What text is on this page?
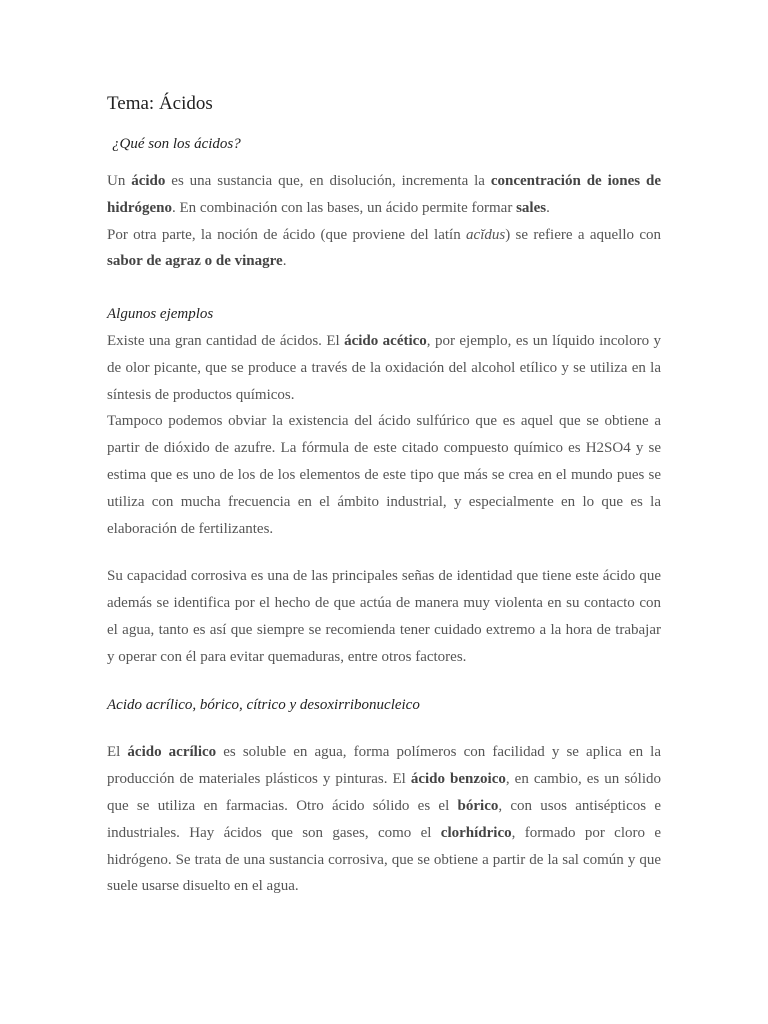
Tema: Ácidos
¿Qué son los ácidos?

Un ácido es una sustancia que, en disolución, incrementa la concentración de iones de hidrógeno. En combinación con las bases, un ácido permite formar sales.

Por otra parte, la noción de ácido (que proviene del latín acĭdus) se refiere a aquello con sabor de agraz o de vinagre.

Algunos ejemplos

Existe una gran cantidad de ácidos. El ácido acético, por ejemplo, es un líquido incoloro y de olor picante, que se produce a través de la oxidación del alcohol etílico y se utiliza en la síntesis de productos químicos.

Tampoco podemos obviar la existencia del ácido sulfúrico que es aquel que se obtiene a partir de dióxido de azufre. La fórmula de este citado compuesto químico es H2SO4 y se estima que es uno de los de los elementos de este tipo que más se crea en el mundo pues se utiliza con mucha frecuencia en el ámbito industrial, y especialmente en lo que es la elaboración de fertilizantes.

Su capacidad corrosiva es una de las principales señas de identidad que tiene este ácido que además se identifica por el hecho de que actúa de manera muy violenta en su contacto con el agua, tanto es así que siempre se recomienda tener cuidado extremo a la hora de trabajar y operar con él para evitar quemaduras, entre otros factores.

Acido acrílico, bórico, cítrico y desoxirribonucleico

El ácido acrílico es soluble en agua, forma polímeros con facilidad y se aplica en la producción de materiales plásticos y pinturas. El ácido benzoico, en cambio, es un sólido que se utiliza en farmacias. Otro ácido sólido es el bórico, con usos antisépticos e industriales. Hay ácidos que son gases, como el clorhídrico, formado por cloro e hidrógeno. Se trata de una sustancia corrosiva, que se obtiene a partir de la sal común y que suele usarse disuelto en el agua.
